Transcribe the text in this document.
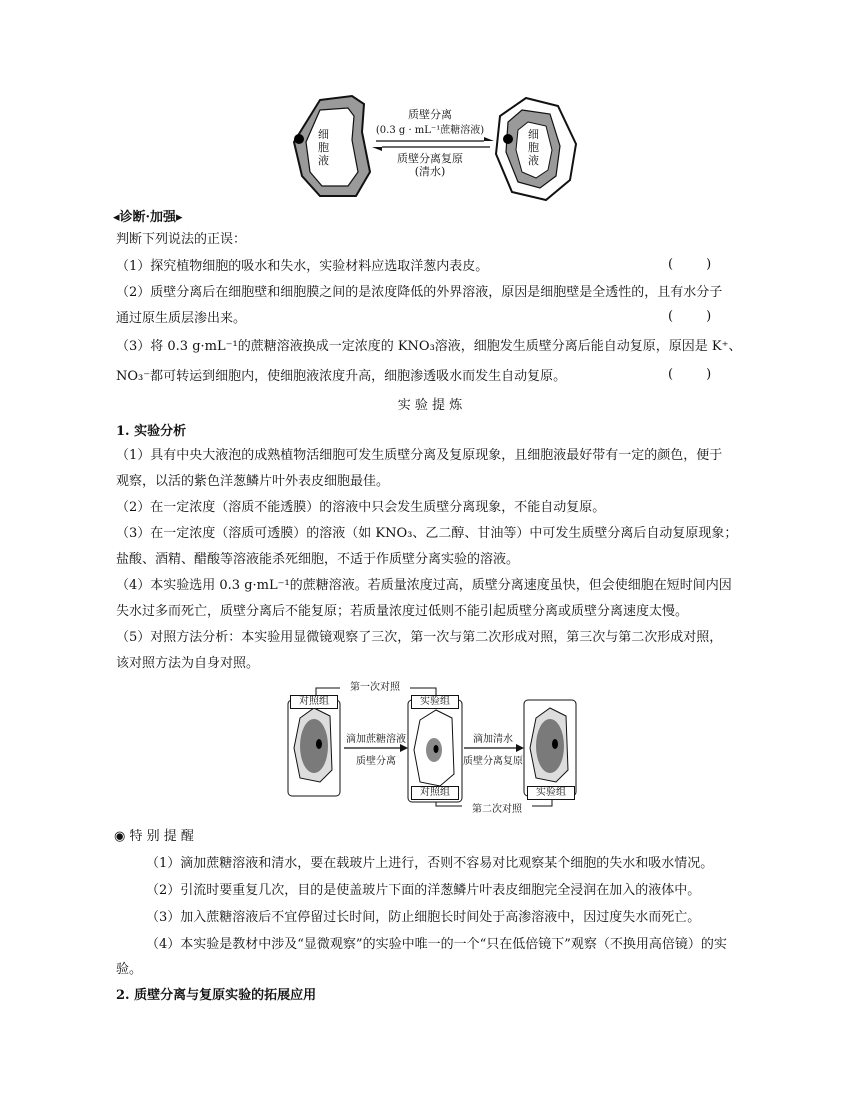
细胞液
细胞液
质壁分离
(0.3 g · mL⁻¹蔗糖溶液)
质壁分离复原
(清水)
◂诊断·加强▸
判断下列说法的正误：
（1）探究植物细胞的吸水和失水，实验材料应选取洋葱内表皮。	(        )
（2）质壁分离后在细胞壁和细胞膜之间的是浓度降低的外界溶液，原因是细胞壁是全透性的，且有水分子
通过原生质层渗出来。	(        )
（3）将 0.3 g·mL⁻¹的蔗糖溶液换成一定浓度的 KNO₃溶液，细胞发生质壁分离后能自动复原，原因是 K⁺、
NO₃⁻都可转运到细胞内，使细胞液浓度升高，细胞渗透吸水而发生自动复原。	(        )
实 验 提 炼
1. 实验分析
（1）具有中央大液泡的成熟植物活细胞可发生质壁分离及复原现象，且细胞液最好带有一定的颜色，便于
观察，以活的紫色洋葱鳞片叶外表皮细胞最佳。
（2）在一定浓度（溶质不能透膜）的溶液中只会发生质壁分离现象，不能自动复原。
（3）在一定浓度（溶质可透膜）的溶液（如 KNO₃、乙二醇、甘油等）中可发生质壁分离后自动复原现象；
盐酸、酒精、醋酸等溶液能杀死细胞，不适于作质壁分离实验的溶液。
（4）本实验选用 0.3 g·mL⁻¹的蔗糖溶液。若质量浓度过高，质壁分离速度虽快，但会使细胞在短时间内因
失水过多而死亡，质壁分离后不能复原；若质量浓度过低则不能引起质壁分离或质壁分离速度太慢。
（5）对照方法分析：本实验用显微镜观察了三次，第一次与第二次形成对照，第三次与第二次形成对照，
该对照方法为自身对照。
第一次对照
第二次对照
对照组	实验组
对照组	实验组
滴加蔗糖溶液
质壁分离
滴加清水
质壁分离复原
◉ 特 别 提 醒
（1）滴加蔗糖溶液和清水，要在载玻片上进行，否则不容易对比观察某个细胞的失水和吸水情况。
（2）引流时要重复几次，目的是使盖玻片下面的洋葱鳞片叶表皮细胞完全浸润在加入的液体中。
（3）加入蔗糖溶液后不宜停留过长时间，防止细胞长时间处于高渗溶液中，因过度失水而死亡。
（4）本实验是教材中涉及“显微观察”的实验中唯一的一个“只在低倍镜下”观察（不换用高倍镜）的实
验。
2. 质壁分离与复原实验的拓展应用
